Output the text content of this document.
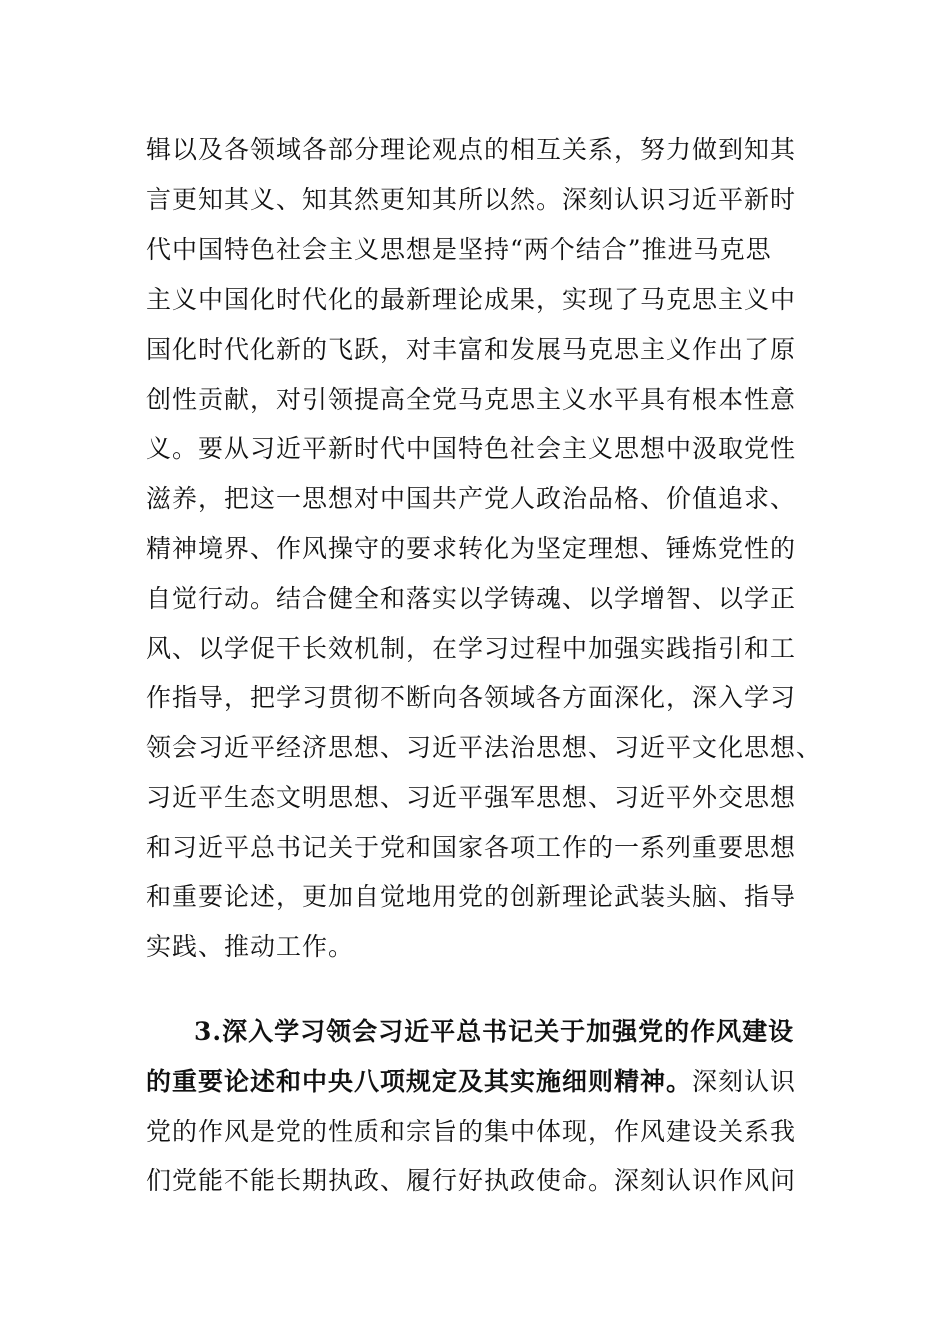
辑以及各领域各部分理论观点的相互关系，努力做到知其
言更知其义、知其然更知其所以然。深刻认识习近平新时
代中国特色社会主义思想是坚持“两个结合”推进马克思
主义中国化时代化的最新理论成果，实现了马克思主义中
国化时代化新的飞跃，对丰富和发展马克思主义作出了原
创性贡献，对引领提高全党马克思主义水平具有根本性意
义。要从习近平新时代中国特色社会主义思想中汲取党性
滋养，把这一思想对中国共产党人政治品格、价值追求、
精神境界、作风操守的要求转化为坚定理想、锤炼党性的
自觉行动。结合健全和落实以学铸魂、以学增智、以学正
风、以学促干长效机制，在学习过程中加强实践指引和工
作指导，把学习贯彻不断向各领域各方面深化，深入学习
领会习近平经济思想、习近平法治思想、习近平文化思想、
习近平生态文明思想、习近平强军思想、习近平外交思想
和习近平总书记关于党和国家各项工作的一系列重要思想
和重要论述，更加自觉地用党的创新理论武装头脑、指导
实践、推动工作。
3.深入学习领会习近平总书记关于加强党的作风建设
的重要论述和中央八项规定及其实施细则精神。深刻认识
党的作风是党的性质和宗旨的集中体现，作风建设关系我
们党能不能长期执政、履行好执政使命。深刻认识作风问
